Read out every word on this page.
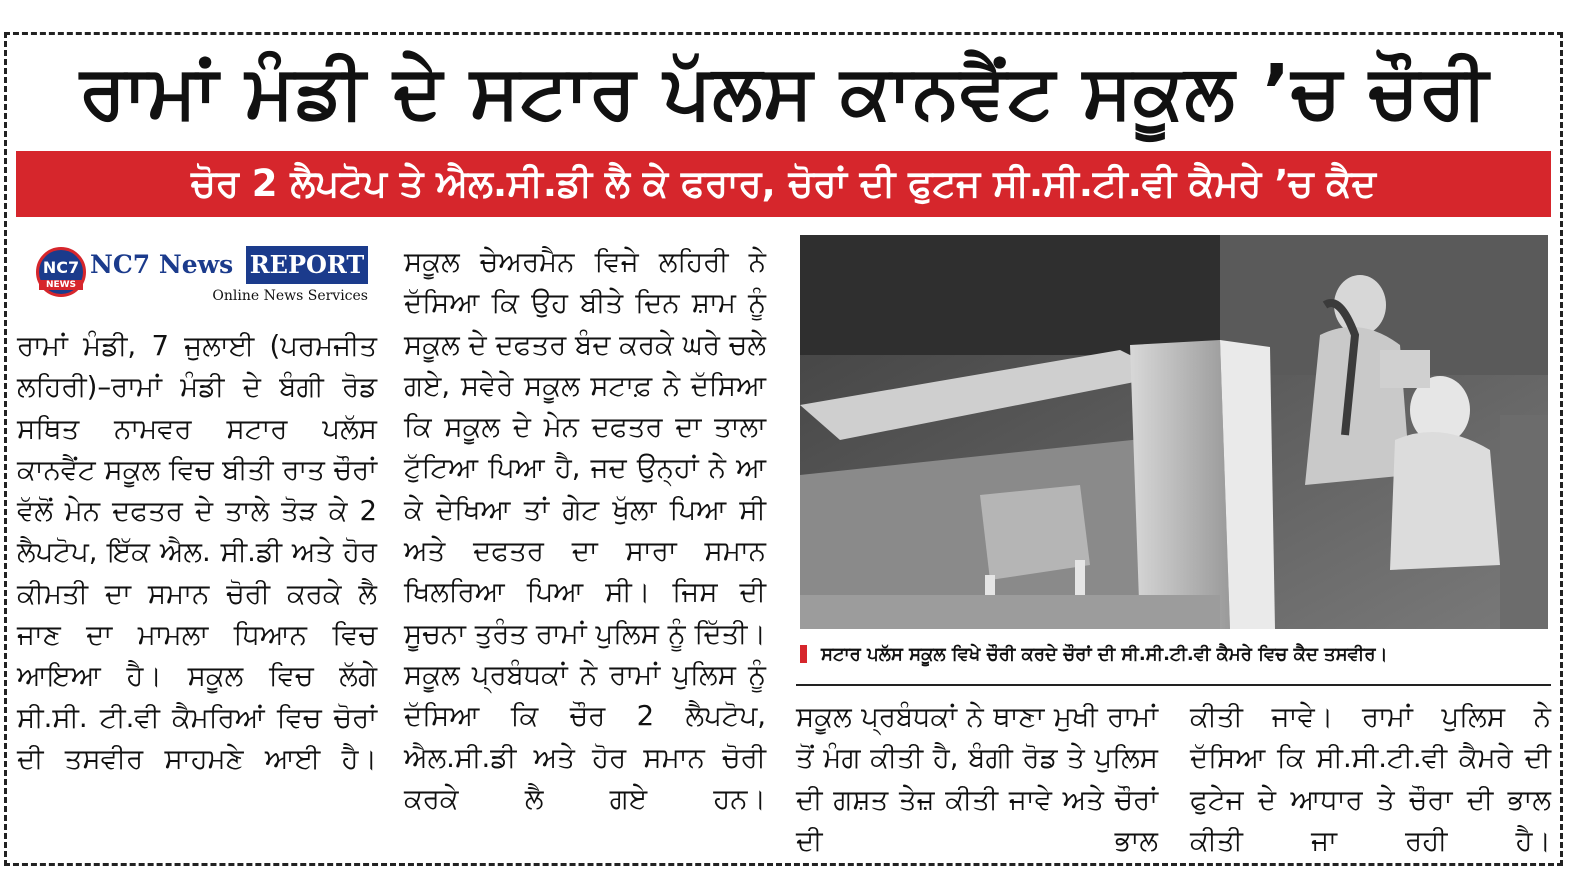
ਰਾਮਾਂ ਮੰਡੀ ਦੇ ਸਟਾਰ ਪੱਲਸ ਕਾਨਵੈਂਟ ਸਕੂਲ ’ਚ ਚੌਰੀ
ਚੋਰ 2 ਲੈਪਟੋਪ ਤੇ ਐਲ.ਸੀ.ਡੀ ਲੈ ਕੇ ਫਰਾਰ, ਚੋਰਾਂ ਦੀ ਫੁਟਜ ਸੀ.ਸੀ.ਟੀ.ਵੀ ਕੈਮਰੇ ’ਚ ਕੈਦ
NC7
NEWS
NC7 News REPORT
Online News Services
ਰਾਮਾਂ ਮੰਡੀ, 7 ਜੁਲਾਈ (ਪਰਮਜੀਤ ਲਹਿਰੀ)–ਰਾਮਾਂ ਮੰਡੀ ਦੇ ਬੰਗੀ ਰੋਡ ਸਥਿਤ ਨਾਮਵਰ ਸਟਾਰ ਪਲੱਸ ਕਾਨਵੈਂਟ ਸਕੂਲ ਵਿਚ ਬੀਤੀ ਰਾਤ ਚੌਰਾਂ ਵੱਲੋਂ ਮੇਨ ਦਫਤਰ ਦੇ ਤਾਲੇ ਤੋੜ ਕੇ 2 ਲੈਪਟੋਪ, ਇੱਕ ਐਲ. ਸੀ.ਡੀ ਅਤੇ ਹੋਰ ਕੀਮਤੀ ਦਾ ਸਮਾਨ ਚੋਰੀ ਕਰਕੇ ਲੈ ਜਾਣ ਦਾ ਮਾਮਲਾ ਧਿਆਨ ਵਿਚ ਆਇਆ ਹੈ। ਸਕੂਲ ਵਿਚ ਲੱਗੇ ਸੀ.ਸੀ. ਟੀ.ਵੀ ਕੈਮਰਿਆਂ ਵਿਚ ਚੋਰਾਂ ਦੀ ਤਸਵੀਰ ਸਾਹਮਣੇ ਆਈ ਹੈ।
ਸਕੂਲ ਚੇਅਰਮੈਨ ਵਿਜੇ ਲਹਿਰੀ ਨੇ ਦੱਸਿਆ ਕਿ ਉਹ ਬੀਤੇ ਦਿਨ ਸ਼ਾਮ ਨੂੰ ਸਕੂਲ ਦੇ ਦਫਤਰ ਬੰਦ ਕਰਕੇ ਘਰੇ ਚਲੇ ਗਏ, ਸਵੇਰੇ ਸਕੂਲ ਸਟਾਫ਼ ਨੇ ਦੱਸਿਆ ਕਿ ਸਕੂਲ ਦੇ ਮੇਨ ਦਫਤਰ ਦਾ ਤਾਲਾ ਟੁੱਟਿਆ ਪਿਆ ਹੈ, ਜਦ ਉਨ੍ਹਾਂ ਨੇ ਆ ਕੇ ਦੇਖਿਆ ਤਾਂ ਗੇਟ ਖੁੱਲਾ ਪਿਆ ਸੀ ਅਤੇ ਦਫਤਰ ਦਾ ਸਾਰਾ ਸਮਾਨ ਖਿਲਰਿਆ ਪਿਆ ਸੀ। ਜਿਸ ਦੀ ਸੂਚਨਾ ਤੁਰੰਤ ਰਾਮਾਂ ਪੁਲਿਸ ਨੂੰ ਦਿੱਤੀ। ਸਕੂਲ ਪ੍ਰਬੰਧਕਾਂ ਨੇ ਰਾਮਾਂ ਪੁਲਿਸ ਨੂੰ ਦੱਸਿਆ ਕਿ ਚੌਰ 2 ਲੈਪਟੋਪ, ਐਲ.ਸੀ.ਡੀ ਅਤੇ ਹੋਰ ਸਮਾਨ ਚੋਰੀ ਕਰਕੇ ਲੈ ਗਏ ਹਨ।
ਸਟਾਰ ਪਲੱਸ ਸਕੂਲ ਵਿਖੇ ਚੌਰੀ ਕਰਦੇ ਚੌਰਾਂ ਦੀ ਸੀ.ਸੀ.ਟੀ.ਵੀ ਕੈਮਰੇ ਵਿਚ ਕੈਦ ਤਸਵੀਰ।
ਸਕੂਲ ਪ੍ਰਬੰਧਕਾਂ ਨੇ ਥਾਣਾ ਮੁਖੀ ਰਾਮਾਂ ਤੋਂ ਮੰਗ ਕੀਤੀ ਹੈ, ਬੰਗੀ ਰੋਡ ਤੇ ਪੁਲਿਸ ਦੀ ਗਸ਼ਤ ਤੇਜ਼ ਕੀਤੀ ਜਾਵੇ ਅਤੇ ਚੌਰਾਂ ਦੀ ਭਾਲ
ਕੀਤੀ ਜਾਵੇ। ਰਾਮਾਂ ਪੁਲਿਸ ਨੇ ਦੱਸਿਆ ਕਿ ਸੀ.ਸੀ.ਟੀ.ਵੀ ਕੈਮਰੇ ਦੀ ਫੁਟੇਜ ਦੇ ਆਧਾਰ ਤੇ ਚੌਰਾ ਦੀ ਭਾਲ ਕੀਤੀ ਜਾ ਰਹੀ ਹੈ।
